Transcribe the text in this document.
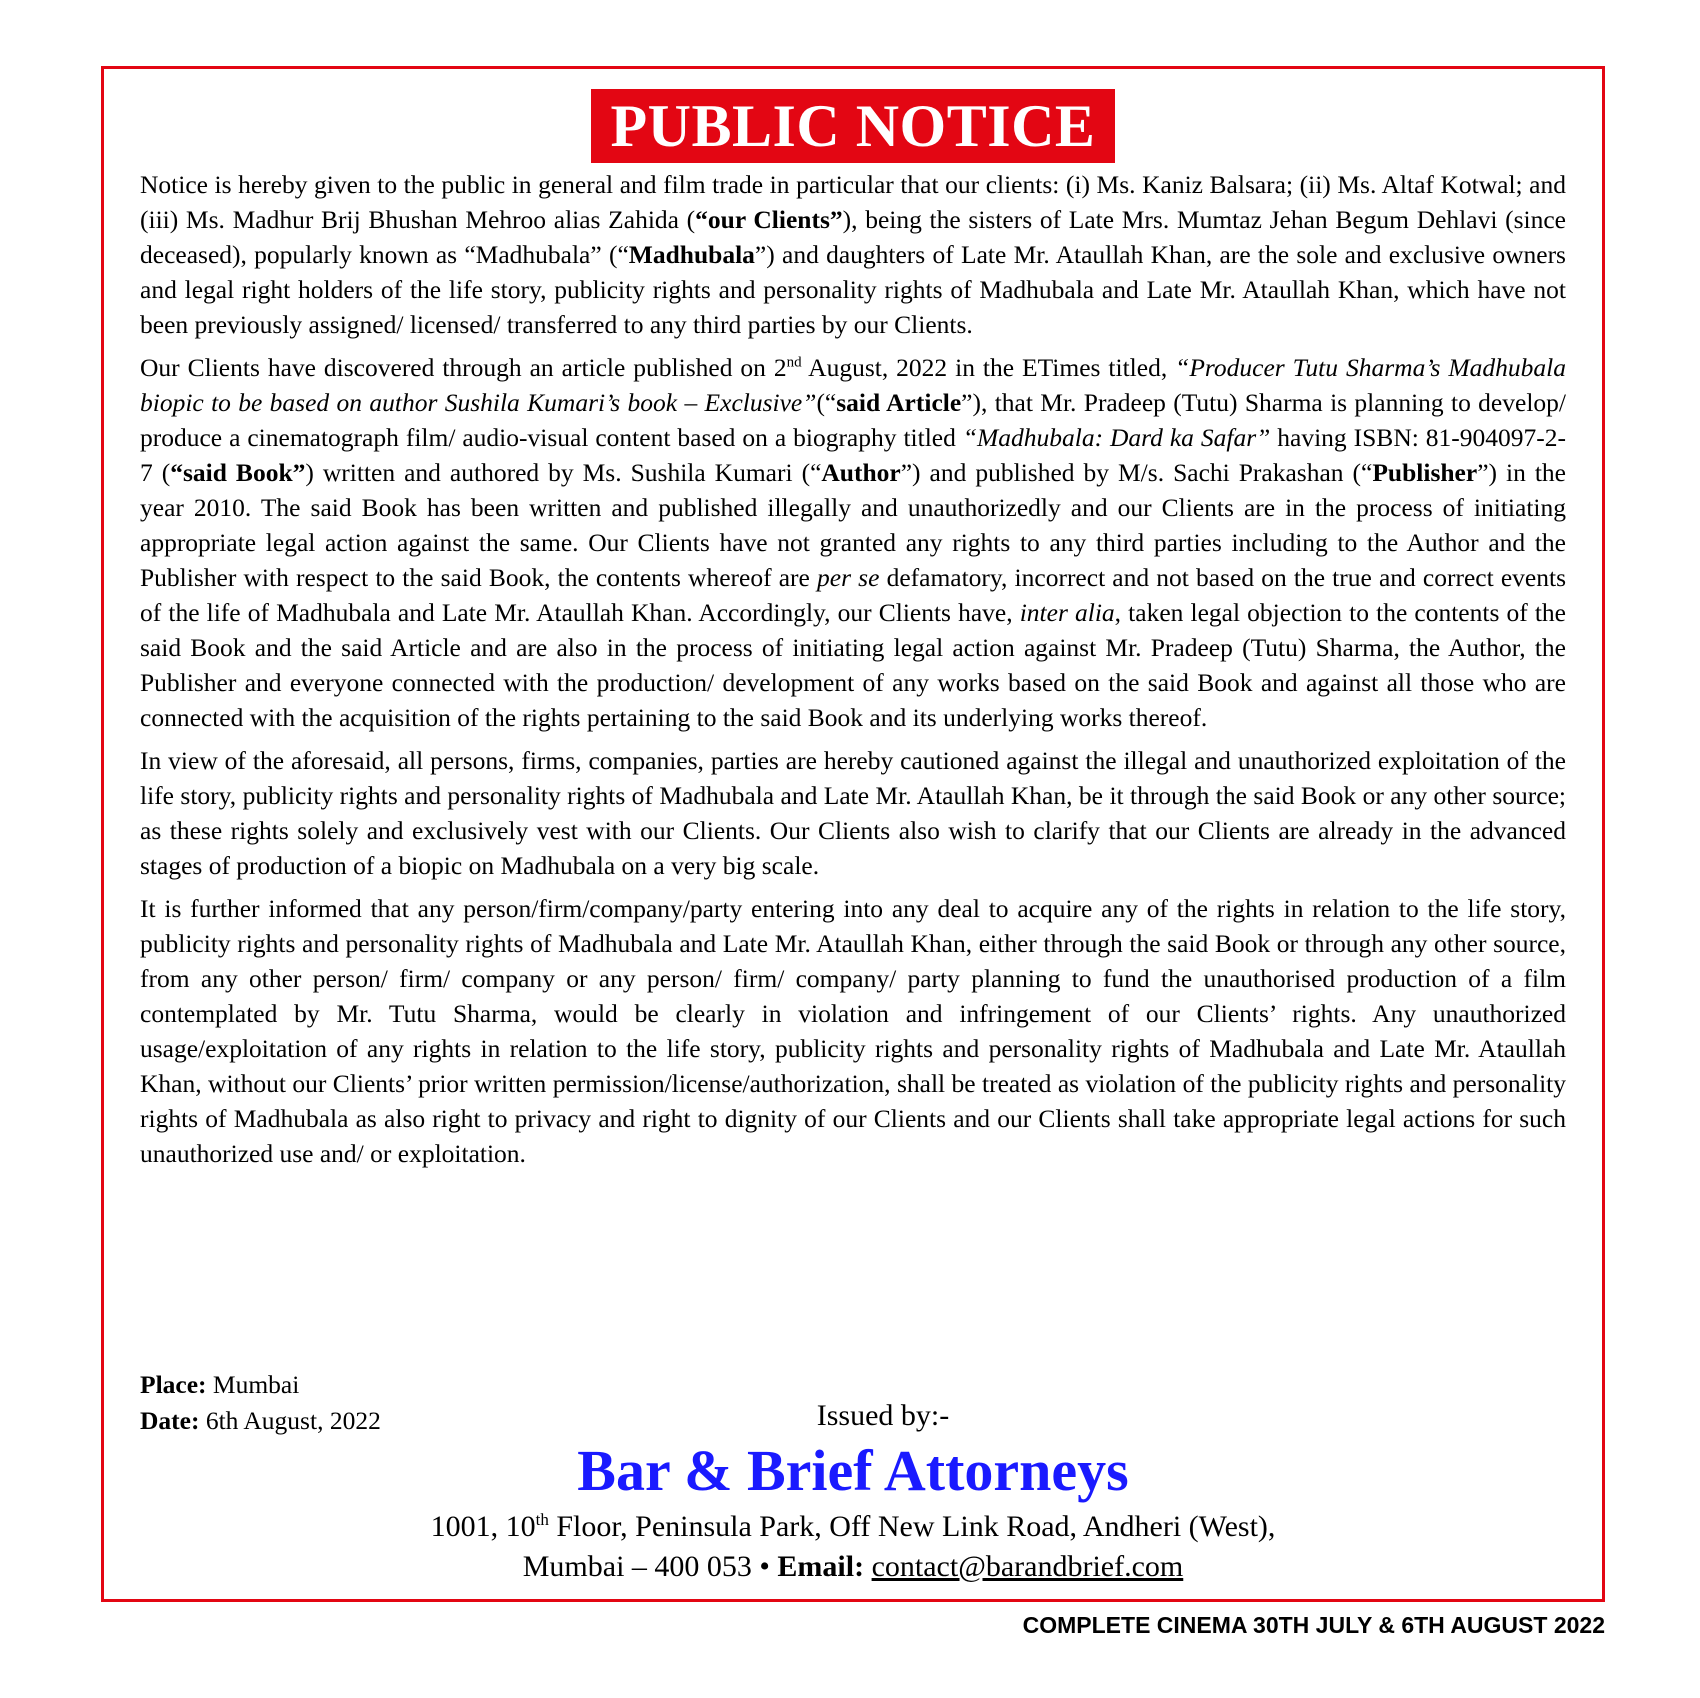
PUBLIC NOTICE

Notice is hereby given to the public in general and film trade in particular that our clients: (i) Ms. Kaniz Balsara; (ii) Ms. Altaf Kotwal; and (iii) Ms. Madhur Brij Bhushan Mehroo alias Zahida (“our Clients”), being the sisters of Late Mrs. Mumtaz Jehan Begum Dehlavi (since deceased), popularly known as “Madhubala” (“Madhubala”) and daughters of Late Mr. Ataullah Khan, are the sole and exclusive owners and legal right holders of the life story, publicity rights and personality rights of Madhubala and Late Mr. Ataullah Khan, which have not been previously assigned/ licensed/ transferred to any third parties by our Clients.

Our Clients have discovered through an article published on 2nd August, 2022 in the ETimes titled, “Producer Tutu Sharma’s Madhubala biopic to be based on author Sushila Kumari’s book – Exclusive”(“said Article”), that Mr. Pradeep (Tutu) Sharma is planning to develop/ produce a cinematograph film/ audio-visual content based on a biography titled “Madhubala: Dard ka Safar” having ISBN: 81-904097-2-7 (“said Book”) written and authored by Ms. Sushila Kumari (“Author”) and published by M/s. Sachi Prakashan (“Publisher”) in the year 2010. The said Book has been written and published illegally and unauthorizedly and our Clients are in the process of initiating appropriate legal action against the same. Our Clients have not granted any rights to any third parties including to the Author and the Publisher with respect to the said Book, the contents whereof are per se defamatory, incorrect and not based on the true and correct events of the life of Madhubala and Late Mr. Ataullah Khan. Accordingly, our Clients have, inter alia, taken legal objection to the contents of the said Book and the said Article and are also in the process of initiating legal action against Mr. Pradeep (Tutu) Sharma, the Author, the Publisher and everyone connected with the production/ development of any works based on the said Book and against all those who are connected with the acquisition of the rights pertaining to the said Book and its underlying works thereof.

In view of the aforesaid, all persons, firms, companies, parties are hereby cautioned against the illegal and unauthorized exploitation of the life story, publicity rights and personality rights of Madhubala and Late Mr. Ataullah Khan, be it through the said Book or any other source; as these rights solely and exclusively vest with our Clients. Our Clients also wish to clarify that our Clients are already in the advanced stages of production of a biopic on Madhubala on a very big scale.

It is further informed that any person/firm/company/party entering into any deal to acquire any of the rights in relation to the life story, publicity rights and personality rights of Madhubala and Late Mr. Ataullah Khan, either through the said Book or through any other source, from any other person/ firm/ company or any person/ firm/ company/ party planning to fund the unauthorised production of a film contemplated by Mr. Tutu Sharma, would be clearly in violation and infringement of our Clients’ rights. Any unauthorized usage/exploitation of any rights in relation to the life story, publicity rights and personality rights of Madhubala and Late Mr. Ataullah Khan, without our Clients’ prior written permission/license/authorization, shall be treated as violation of the publicity rights and personality rights of Madhubala as also right to privacy and right to dignity of our Clients and our Clients shall take appropriate legal actions for such unauthorized use and/ or exploitation.

Place: Mumbai
Date: 6th August, 2022	Issued by:-
Bar & Brief Attorneys
1001, 10th Floor, Peninsula Park, Off New Link Road, Andheri (West),
Mumbai – 400 053 • Email: contact@barandbrief.com
COMPLETE CINEMA 30TH JULY & 6TH AUGUST 2022
